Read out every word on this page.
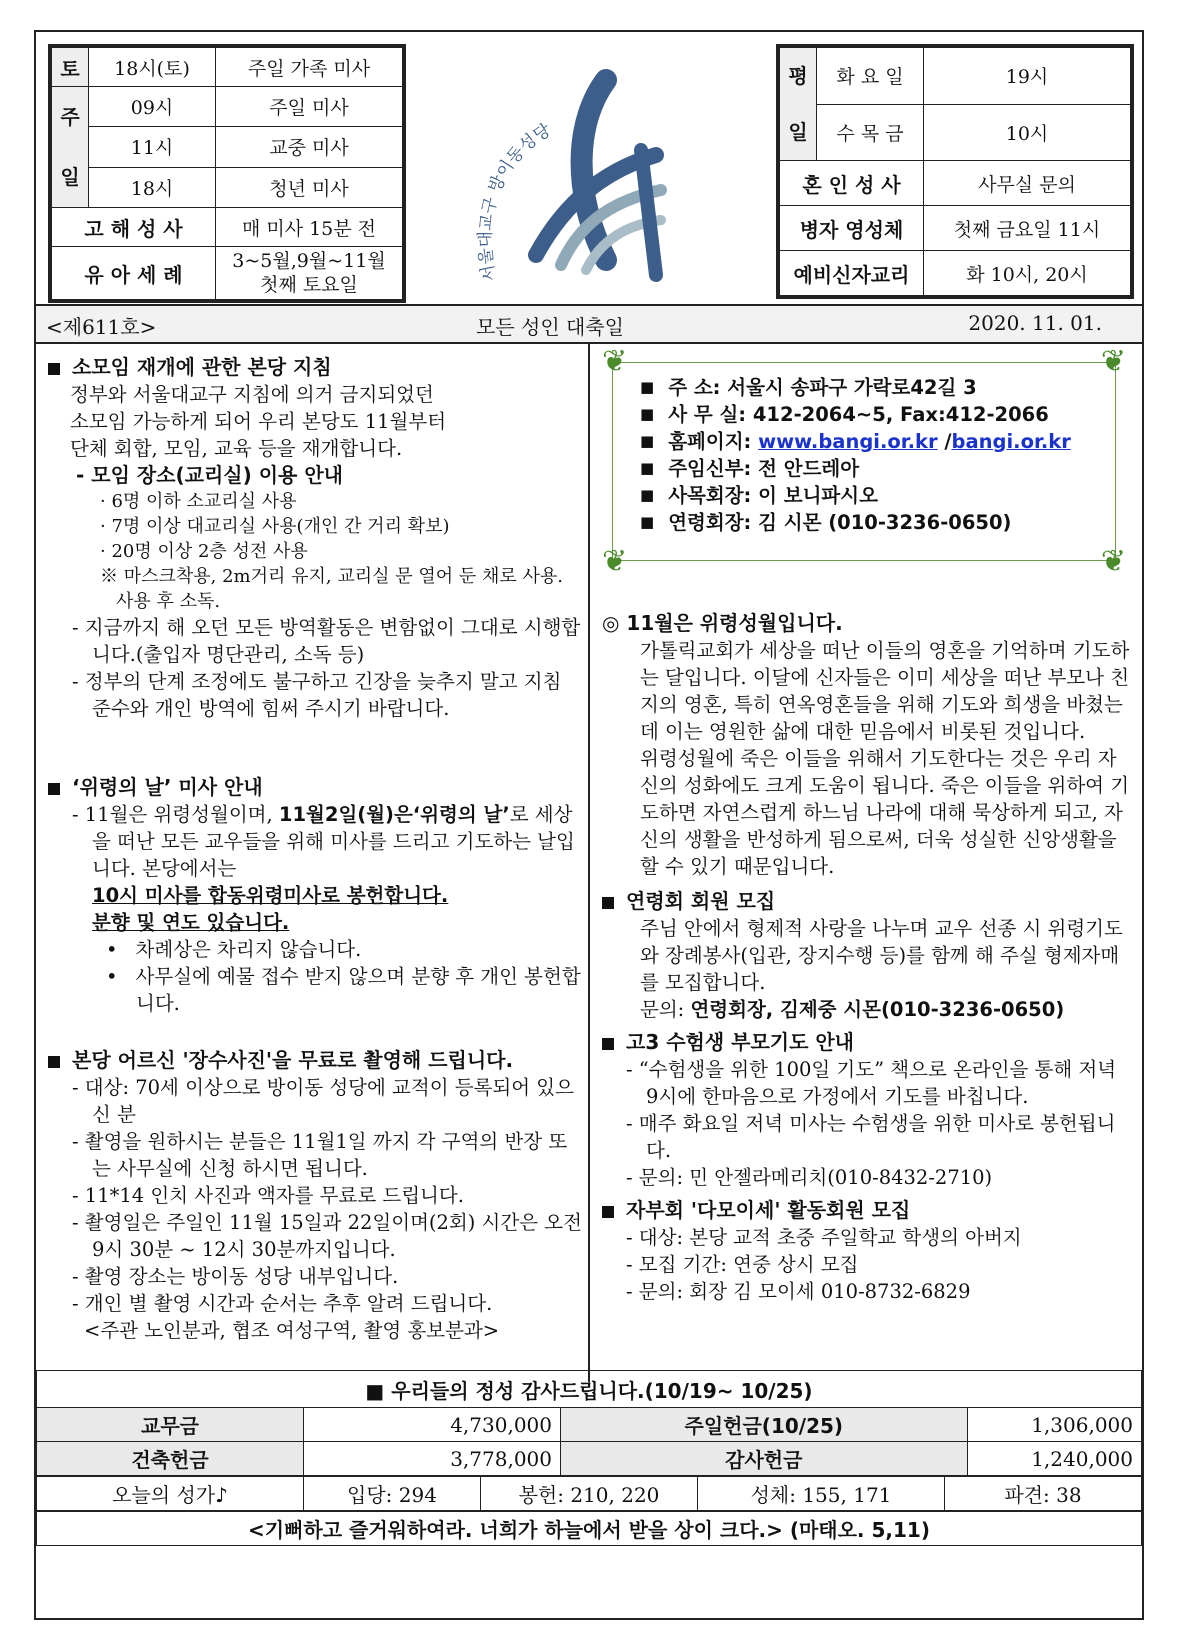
토	18시(토)	주일 가족 미사

주
일	09시	주일 미사
	11시	교중 미사
	18시	청년 미사
고 해 성 사		매 미사 15분 전
유 아 세 례		3~5월,9월~11월
첫째 토요일
서울대교구 방이동성당
평
일	화 요 일	19시
	수 목 금	10시
혼 인 성 사		사무실 문의
병자 영성체		첫째 금요일 11시
예비신자교리		화 10시, 20시
<제611호>	모든 성인 대축일	2020. 11. 01.
소모임 재개에 관한 본당 지침

정부와 서울대교구 지침에 의거 금지되었던

소모임 가능하게 되어 우리 본당도 11월부터

단체 회합, 모임, 교육 등을 재개합니다.

- 모임 장소(교리실) 이용 안내

· 6명 이하 소교리실 사용

· 7명 이상 대교리실 사용(개인 간 거리 확보)

· 20명 이상 2층 성전 사용

※ 마스크착용, 2m거리 유지, 교리실 문 열어 둔 채로 사용. 사용 후 소독.

- 지금까지 해 오던 모든 방역활동은 변함없이 그대로 시행합니다.(출입자 명단관리, 소독 등)

- 정부의 단계 조정에도 불구하고 긴장을 늦추지 말고 지침 준수와 개인 방역에 힘써 주시기 바랍니다.

‘위령의 날’ 미사 안내

- 11월은 위령성월이며, 11월2일(월)은‘위령의 날’로 세상을 떠난 모든 교우들을 위해 미사를 드리고 기도하는 날입니다. 본당에서는

10시 미사를 합동위령미사로 봉헌합니다.

분향 및 연도 있습니다.

• 차례상은 차리지 않습니다.

• 사무실에 예물 접수 받지 않으며 분향 후 개인 봉헌합니다.

본당 어르신 '장수사진'을 무료로 촬영해 드립니다.

- 대상: 70세 이상으로 방이동 성당에 교적이 등록되어 있으신 분

- 촬영을 원하시는 분들은 11월1일 까지 각 구역의 반장 또는 사무실에 신청 하시면 됩니다.

- 11*14 인치 사진과 액자를 무료로 드립니다.

- 촬영일은 주일인 11월 15일과 22일이며(2회) 시간은 오전 9시 30분 ~ 12시 30분까지입니다.

- 촬영 장소는 방이동 성당 내부입니다.

- 개인 별 촬영 시간과 순서는 추후 알려 드립니다.

<주관 노인분과, 협조 여성구역, 촬영 홍보분과>

❦	❦
❦	❦
■ 주 소: 서울시 송파구 가락로42길 3
■ 사 무 실: 412-2064~5, Fax:412-2066
■ 홈페이지: www.bangi.or.kr /bangi.or.kr
■ 주임신부: 전 안드레아
■ 사목회장: 이 보니파시오
■ 연령회장: 김 시몬 (010-3236-0650)
◎ 11월은 위령성월입니다.

가톨릭교회가 세상을 떠난 이들의 영혼을 기억하며 기도하는 달입니다. 이달에 신자들은 이미 세상을 떠난 부모나 친지의 영혼, 특히 연옥영혼들을 위해 기도와 희생을 바쳤는데 이는 영원한 삶에 대한 믿음에서 비롯된 것입니다.

위령성월에 죽은 이들을 위해서 기도한다는 것은 우리 자신의 성화에도 크게 도움이 됩니다. 죽은 이들을 위하여 기도하면 자연스럽게 하느님 나라에 대해 묵상하게 되고, 자신의 생활을 반성하게 됨으로써, 더욱 성실한 신앙생활을 할 수 있기 때문입니다.

연령회 회원 모집

주님 안에서 형제적 사랑을 나누며 교우 선종 시 위령기도와 장례봉사(입관, 장지수행 등)를 함께 해 주실 형제자매를 모집합니다.

문의: 연령회장, 김제중 시몬(010-3236-0650)

고3 수험생 부모기도 안내

- “수험생을 위한 100일 기도” 책으로 온라인을 통해 저녁 9시에 한마음으로 가정에서 기도를 바칩니다.

- 매주 화요일 저녁 미사는 수험생을 위한 미사로 봉헌됩니다.

- 문의: 민 안젤라메리치(010-8432-2710)

자부회 '다모이세' 활동회원 모집

- 대상: 본당 교적 초중 주일학교 학생의 아버지

- 모집 기간: 연중 상시 모집

- 문의: 회장 김 모이세 010-8732-6829

■ 우리들의 정성 감사드립니다.(10/19~ 10/25)			
교무금	4,730,000	주일헌금(10/25)	1,306,000
건축헌금	3,778,000	감사헌금	1,240,000
오늘의 성가♪	입당: 294	봉헌: 210, 220	성체: 155, 171	파견: 38
<기뻐하고 즐거워하여라. 너희가 하늘에서 받을 상이 크다.> (마태오. 5,11)
